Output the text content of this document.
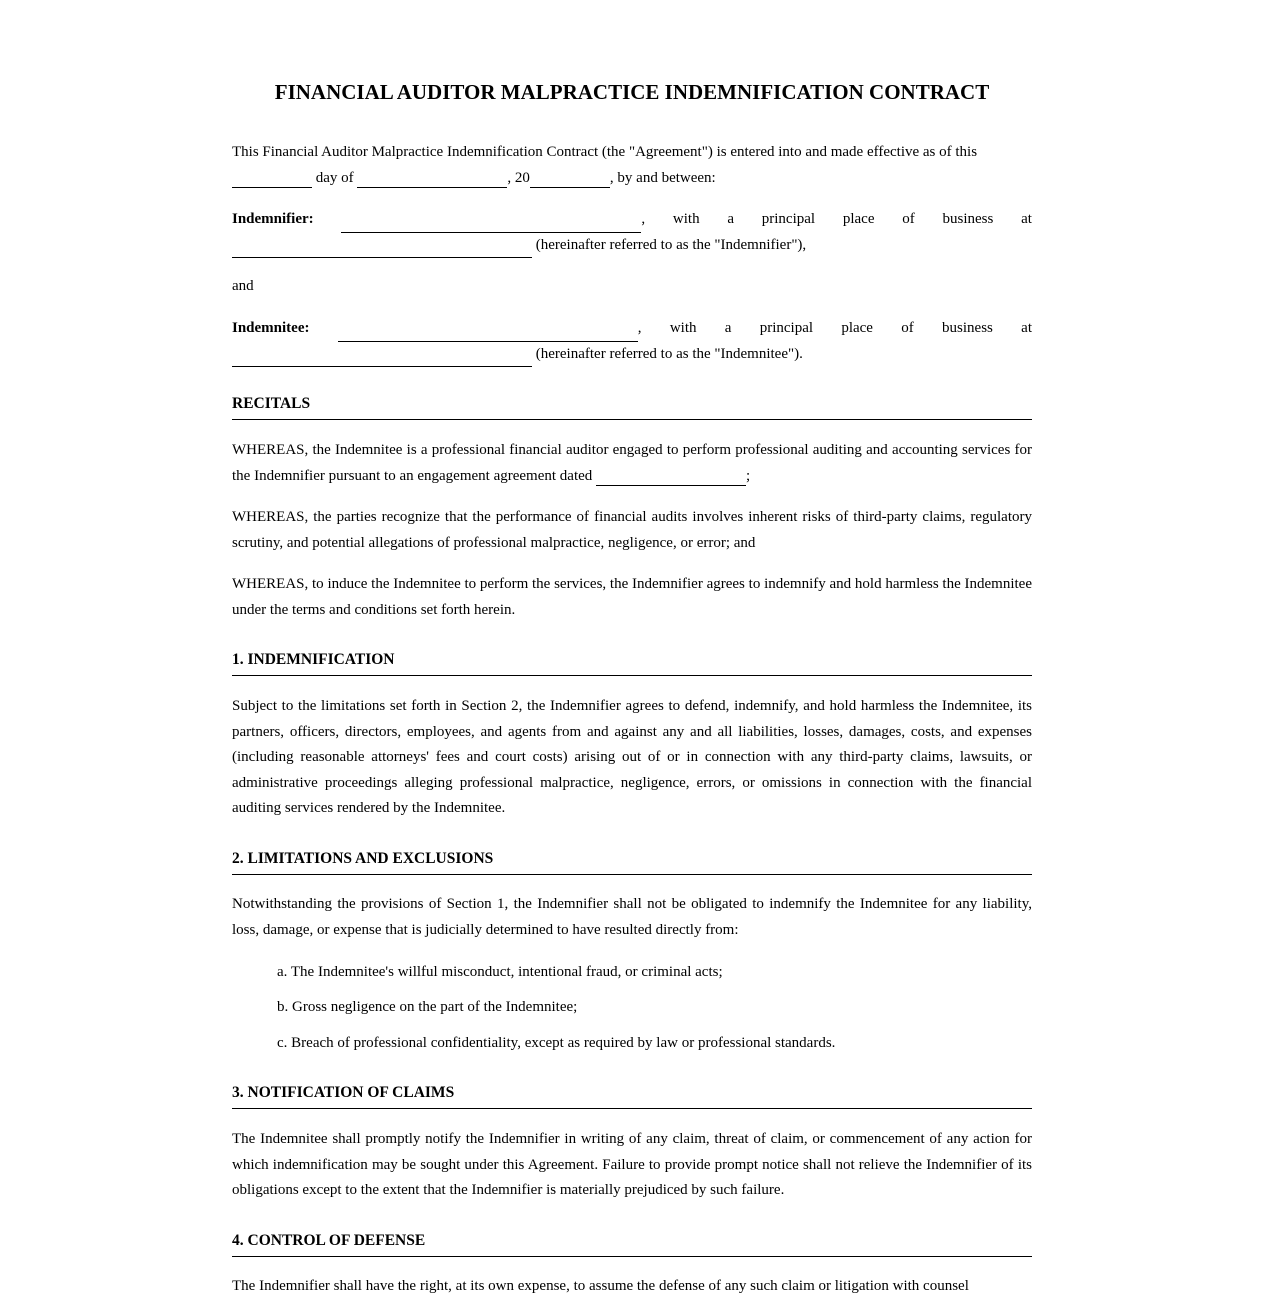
FINANCIAL AUDITOR MALPRACTICE INDEMNIFICATION CONTRACT

This Financial Auditor Malpractice Indemnification Contract (the "Agreement") is entered into and made effective as of this
day of	, 20	, by and between:

Indemnifier:	, with a principal place of business at

(hereinafter referred to as the "Indemnifier"),

and

Indemnitee:	, with a principal place of business at

(hereinafter referred to as the "Indemnitee").
RECITALS

WHEREAS, the Indemnitee is a professional financial auditor engaged to perform professional auditing and accounting services for the Indemnifier pursuant to an engagement agreement dated	;

WHEREAS, the parties recognize that the performance of financial audits involves inherent risks of third-party claims, regulatory scrutiny, and potential allegations of professional malpractice, negligence, or error; and

WHEREAS, to induce the Indemnitee to perform the services, the Indemnifier agrees to indemnify and hold harmless the Indemnitee under the terms and conditions set forth herein.

1. INDEMNIFICATION

Subject to the limitations set forth in Section 2, the Indemnifier agrees to defend, indemnify, and hold harmless the Indemnitee, its partners, officers, directors, employees, and agents from and against any and all liabilities, losses, damages, costs, and expenses (including reasonable attorneys' fees and court costs) arising out of or in connection with any third-party claims, lawsuits, or administrative proceedings alleging professional malpractice, negligence, errors, or omissions in connection with the financial auditing services rendered by the Indemnitee.

2. LIMITATIONS AND EXCLUSIONS

Notwithstanding the provisions of Section 1, the Indemnifier shall not be obligated to indemnify the Indemnitee for any liability, loss, damage, or expense that is judicially determined to have resulted directly from:

a. The Indemnitee's willful misconduct, intentional fraud, or criminal acts;

b. Gross negligence on the part of the Indemnitee;

c. Breach of professional confidentiality, except as required by law or professional standards.

3. NOTIFICATION OF CLAIMS

The Indemnitee shall promptly notify the Indemnifier in writing of any claim, threat of claim, or commencement of any action for which indemnification may be sought under this Agreement. Failure to provide prompt notice shall not relieve the Indemnifier of its obligations except to the extent that the Indemnifier is materially prejudiced by such failure.

4. CONTROL OF DEFENSE

The Indemnifier shall have the right, at its own expense, to assume the defense of any such claim or litigation with counsel
